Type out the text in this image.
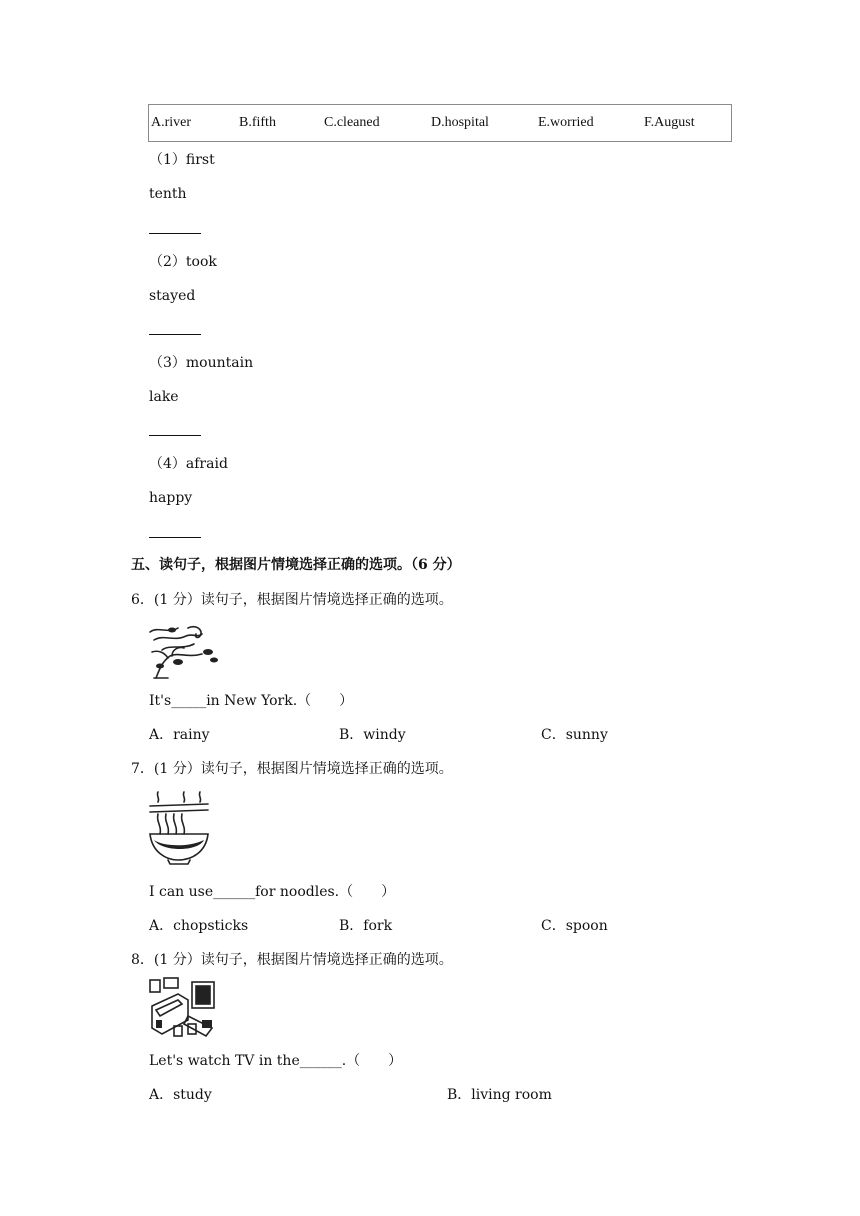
A.river	B.fifth	C.cleaned	D.hospital	E.worried	F.August
（1）first
tenth
（2）took
stayed
（3）mountain
lake
（4）afraid
happy
五、读句子，根据图片情境选择正确的选项。（6 分）
6．(1 分）读句子，根据图片情境选择正确的选项。
It's_____in New York.（　　）
A．rainy	B．windy	C．sunny
7．(1 分）读句子，根据图片情境选择正确的选项。
I can use______for noodles.（　　）
A．chopsticks	B．fork	C．spoon
8．(1 分）读句子，根据图片情境选择正确的选项。
Let's watch TV in the______.（　　）
A．study	B．living room
